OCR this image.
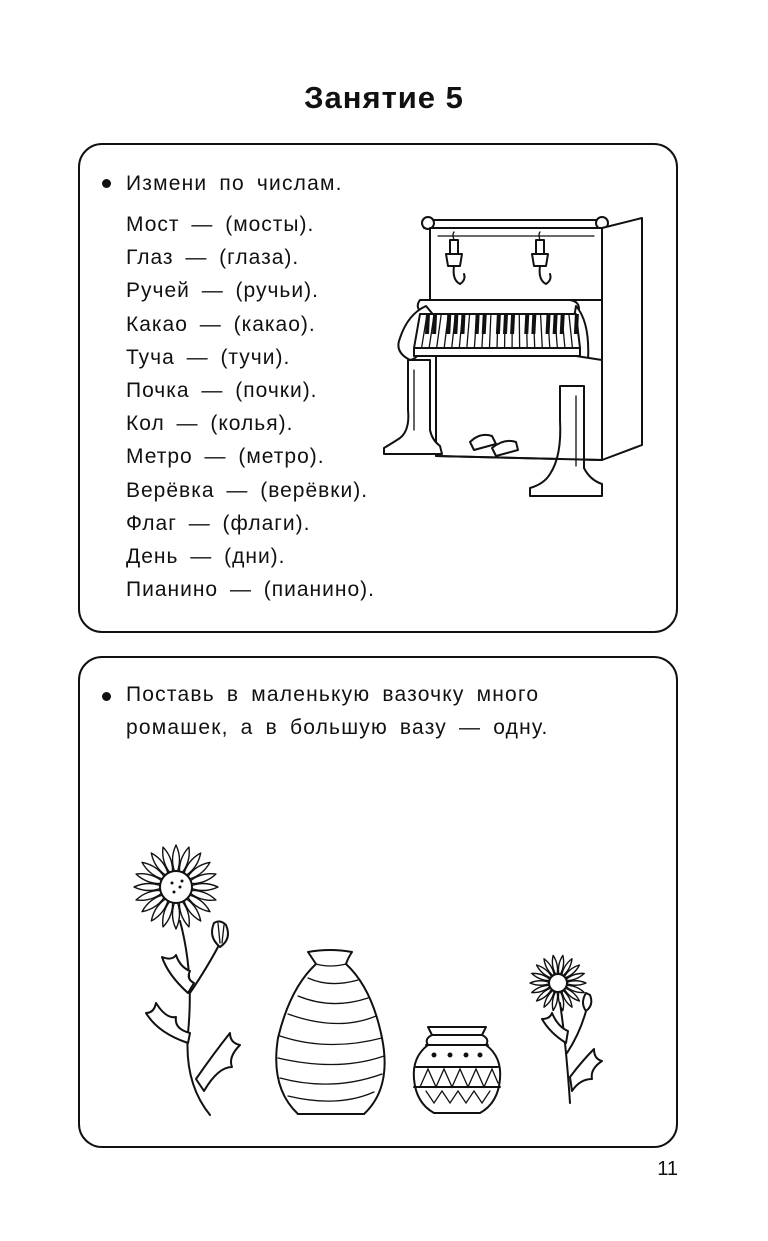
Занятие 5
Измени по числам.
Мост — (мосты).
Глаз — (глаза).
Ручей — (ручьи).
Какао — (какао).
Туча — (тучи).
Почка — (почки).
Кол — (колья).
Метро — (метро).
Верёвка — (верёвки).
Флаг — (флаги).
День — (дни).
Пианино — (пианино).
Поставь в маленькую вазочку много ромашек, а в большую вазу — одну.
11
